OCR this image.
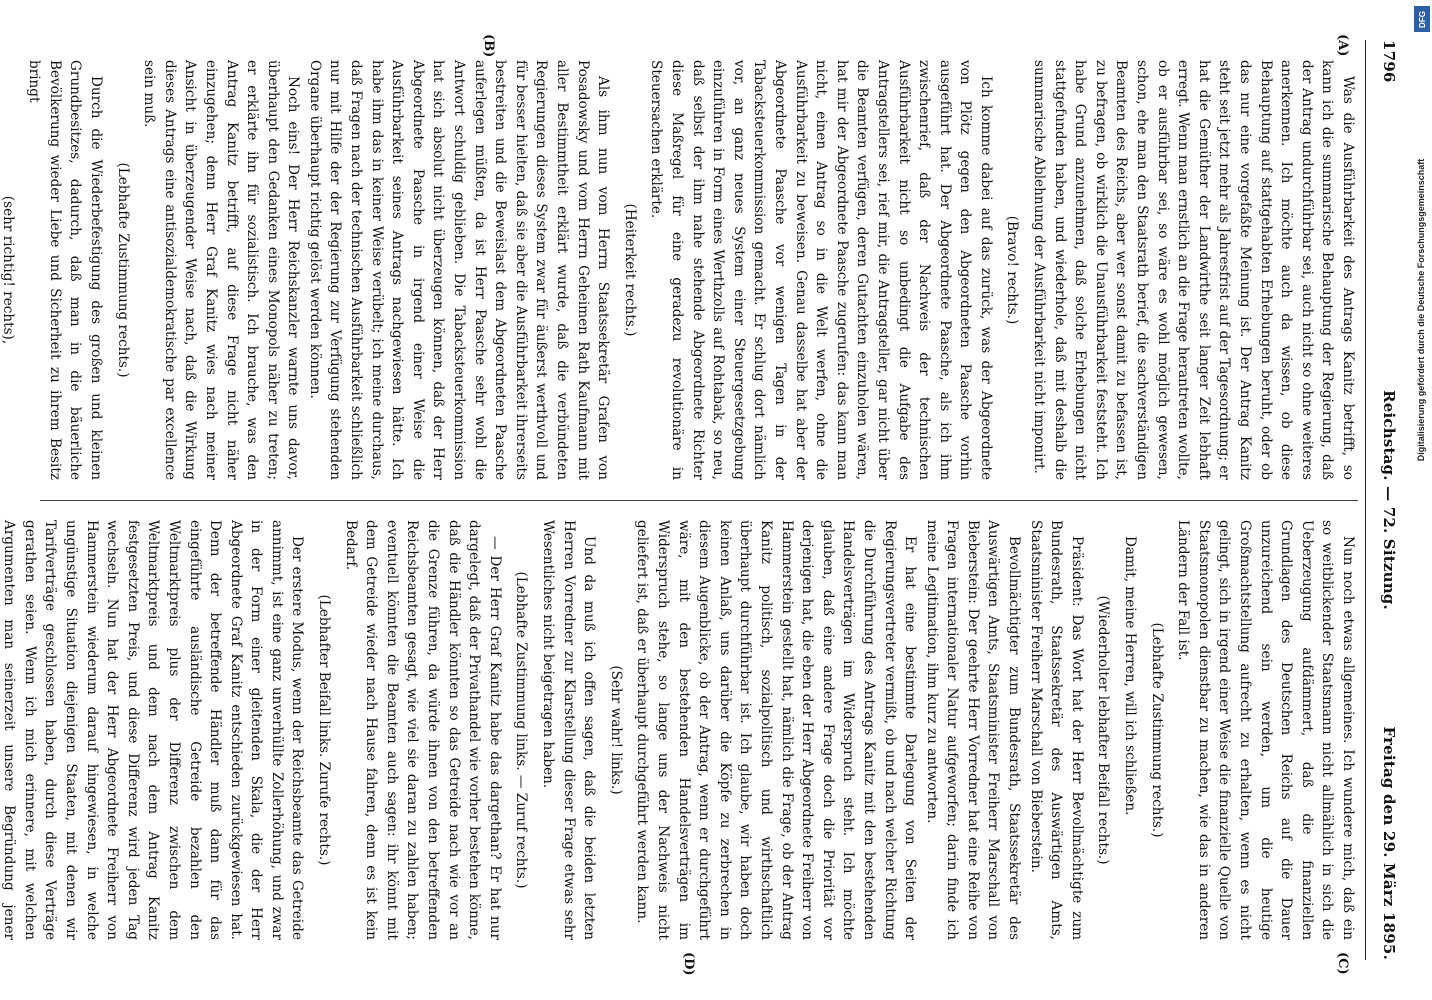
1796
Reichstag. — 72. Sitzung.
Freitag den 29. März 1895.
(A)
(B)
(C)
(D)

Was die Ausführbarkeit des Antrags Kanitz betrifft, so kann ich die summarische Behauptung der Regierung, daß der Antrag undurchführbar sei, auch nicht so ohne weiteres anerkennen. Ich möchte auch da wissen, ob diese Behauptung auf stattgehabten Erhebungen beruht, oder ob das nur eine vorgefaßte Meinung ist. Der Antrag Kanitz steht seit jetzt mehr als Jahresfrist auf der Tagesordnung; er hat die Gemüther der Landwirthe seit langer Zeit lebhaft erregt. Wenn man ernstlich an die Frage herantreten wollte, ob er ausführbar sei, so wäre es wohl möglich gewesen, schon, ehe man den Staatsrath berief, die sachverständigen Beamten des Reichs, aber wer sonst damit zu befassen ist, zu befragen, ob wirklich die Unausführbarkeit feststeht. Ich habe Grund anzunehmen, daß solche Erhebungen nicht stattgefunden haben, und wiederhole, daß mit deshalb die summarische Ablehnung der Ausführbarkeit nicht imponirt.

(Bravo! rechts.)

Ich komme dabei auf das zurück, was der Abgeordnete von Plötz gegen den Abgeordneten Paasche vorhin ausgeführt hat. Der Abgeordnete Paasche, als ich ihm zwischenrief, daß der Nachweis der technischen Ausführbarkeit nicht so unbedingt die Aufgabe des Antragstellers sei, rief mir, die Antragsteller, gar nicht über die Beamten verfügen, deren Gutachten einzuholen wären, hat mir der Abgeordnete Paasche zugerufen: das kann man nicht, einen Antrag so in die Welt werfen, ohne die Ausführbarkeit zu beweisen. Genau dasselbe hat aber der Abgeordnete Paasche vor wenigen Tagen in der Tabacksteuerkommission gemacht. Er schlug dort nämlich vor, an ganz neues System einer Steuergesetzgebung einzuführen in Form eines Werthzolls auf Rohtabak, so neu, daß selbst der ihm nahe stehende Abgeordnete Richter diese Maßregel für eine geradezu revolutionäre in Steuersachen erklärte.

(Heiterkeit rechts.)

Als ihm nun vom Herrn Staatssekretär Grafen von Posadowsky und vom Herrn Geheimen Rath Kaufmann mit aller Bestimmtheit erklärt wurde, daß die verbündeten Regierungen dieses System zwar für äußerst werthvoll und für besser hielten, daß sie aber die Ausführbarkeit ihrerseits bestreiten und die Beweislast dem Abgeordneten Paasche auferlegen müßten, da ist Herr Paasche sehr wohl die Antwort schuldig geblieben. Die Tabacksteuerkommission hat sich absolut nicht überzeugen können, daß der Herr Abgeordnete Paasche in irgend einer Weise die Ausführbarkeit seines Antrags nachgewiesen hätte. Ich habe ihm das in keiner Weise verübelt; ich meine durchaus, daß Fragen nach der technischen Ausführbarkeit schließlich nur mit Hilfe der der Regierung zur Verfügung stehenden Organe überhaupt richtig gelöst werden können.

Noch eins! Der Herr Reichskanzler warnte uns davor, überhaupt den Gedanken eines Monopols näher zu treten; er erklärte ihn für sozialistisch. Ich brauche, was den Antrag Kanitz betrifft, auf diese Frage nicht näher einzugehen; denn Herr Graf Kanitz wies nach meiner Ansicht in überzeugender Weise nach, daß die Wirkung dieses Antrags eine antisozialdemokratische par excellence sein muß.

(Lebhafte Zustimmung rechts.)

Durch die Wiederbefestigung des großen und kleinen Grundbesitzes, dadurch, daß man in die bäuerliche Bevölkerung wieder Liebe und Sicherheit zu ihrem Besitz bringt

(sehr richtig! rechts),

Nun noch etwas allgemeines. Ich wundere mich, daß ein so weitblickender Staatsmann nicht allmählich in sich die Ueberzeugung aufdämmert, daß die finanziellen Grundlagen des Deutschen Reichs auf die Dauer unzureichend sein werden, um die heutige Großmachtstellung aufrecht zu erhalten, wenn es nicht gelingt, sich in irgend einer Weise die finanzielle Quelle von Staatsmonopolen dienstbar zu machen, wie das in anderen Ländern der Fall ist.

(Lebhafte Zustimmung rechts.)

Damit, meine Herren, will ich schließen.

(Wiederholter lebhafter Beifall rechts.)

Präsident: Das Wort hat der Herr Bevollmächtigte zum Bundesrath, Staatssekretär des Auswärtigen Amts, Staatsminister Freiherr Marschall von Bieberstein.

Bevollmächtigter zum Bundesrath, Staatssekretär des Auswärtigen Amts, Staatsminister Freiherr Marschall von Bieberstein: Der geehrte Herr Vorredner hat eine Reihe von Fragen internationaler Natur aufgeworfen; darin finde ich meine Legitimation, ihm kurz zu antworten.

Er hat eine bestimmte Darlegung von Seiten der Regierungsvertreter vermißt, ob und nach welcher Richtung die Durchführung des Antrags Kanitz mit den bestehenden Handelsverträgen im Widerspruch steht. Ich möchte glauben, daß eine andere Frage doch die Priorität vor derjenigen hat, die eben der Herr Abgeordnete Freiherr von Hammerstein gestellt hat, nämlich die Frage, ob der Antrag Kanitz politisch, sozialpolitisch und wirthschaftlich überhaupt durchführbar ist. Ich glaube, wir haben doch keinen Anlaß, uns darüber die Köpfe zu zerbrechen in diesem Augenblicke, ob der Antrag, wenn er durchgeführt wäre, mit den bestehenden Handelsverträgen im Widerspruch stehe, so lange uns der Nachweis nicht geliefert ist, daß er überhaupt durchgeführt werden kann.

(Sehr wahr! links.)

Und da muß ich offen sagen, daß die beiden letzten Herren Vorredner zur Klarstellung dieser Frage etwas sehr Wesentliches nicht beigetragen haben.

(Lebhafte Zustimmung links. — Zuruf rechts.)

— Der Herr Graf Kanitz habe das dargethan? Er hat nur dargelegt, daß der Privathandel wie vorher bestehen könne, daß die Händler könnten so das Getreide nach wie vor an die Grenze führen, da würde ihnen von den betreffenden Reichsbeamten gesagt, wie viel sie daran zu zahlen haben; eventuell könnten die Beamten auch sagen: ihr könnt mit dem Getreide wieder nach Hause fahren, denn es ist kein Bedarf.

(Lebhafter Beifall links. Zurufe rechts.)

Der erstere Modus, wenn der Reichsbeamte das Getreide annimmt, ist eine ganz unverhüllte Zollerhöhung, und zwar in der Form einer gleitenden Skala, die der Herr Abgeordnete Graf Kanitz entschieden zurückgewiesen hat. Denn der betreffende Händler muß dann für das eingeführte ausländische Getreide bezahlen den Weltmarktpreis plus der Differenz zwischen dem Weltmarktpreis und dem nach dem Antrag Kanitz festgesetzten Preis, und diese Differenz wird jeden Tag wechseln. Nun hat der Herr Abgeordnete Freiherr von Hammerstein wiederum darauf hingewiesen, in welche ungünstige Situation diejenigen Staaten, mit denen wir Tarifverträge geschlossen haben, durch diese Verträge gerathen seien. Wenn ich mich erinnere, mit welchen Argumenten man seinerzeit unsere Begründung jener

DFG
Digitalisierung gefördert durch die Deutsche Forschungsgemeinschaft
